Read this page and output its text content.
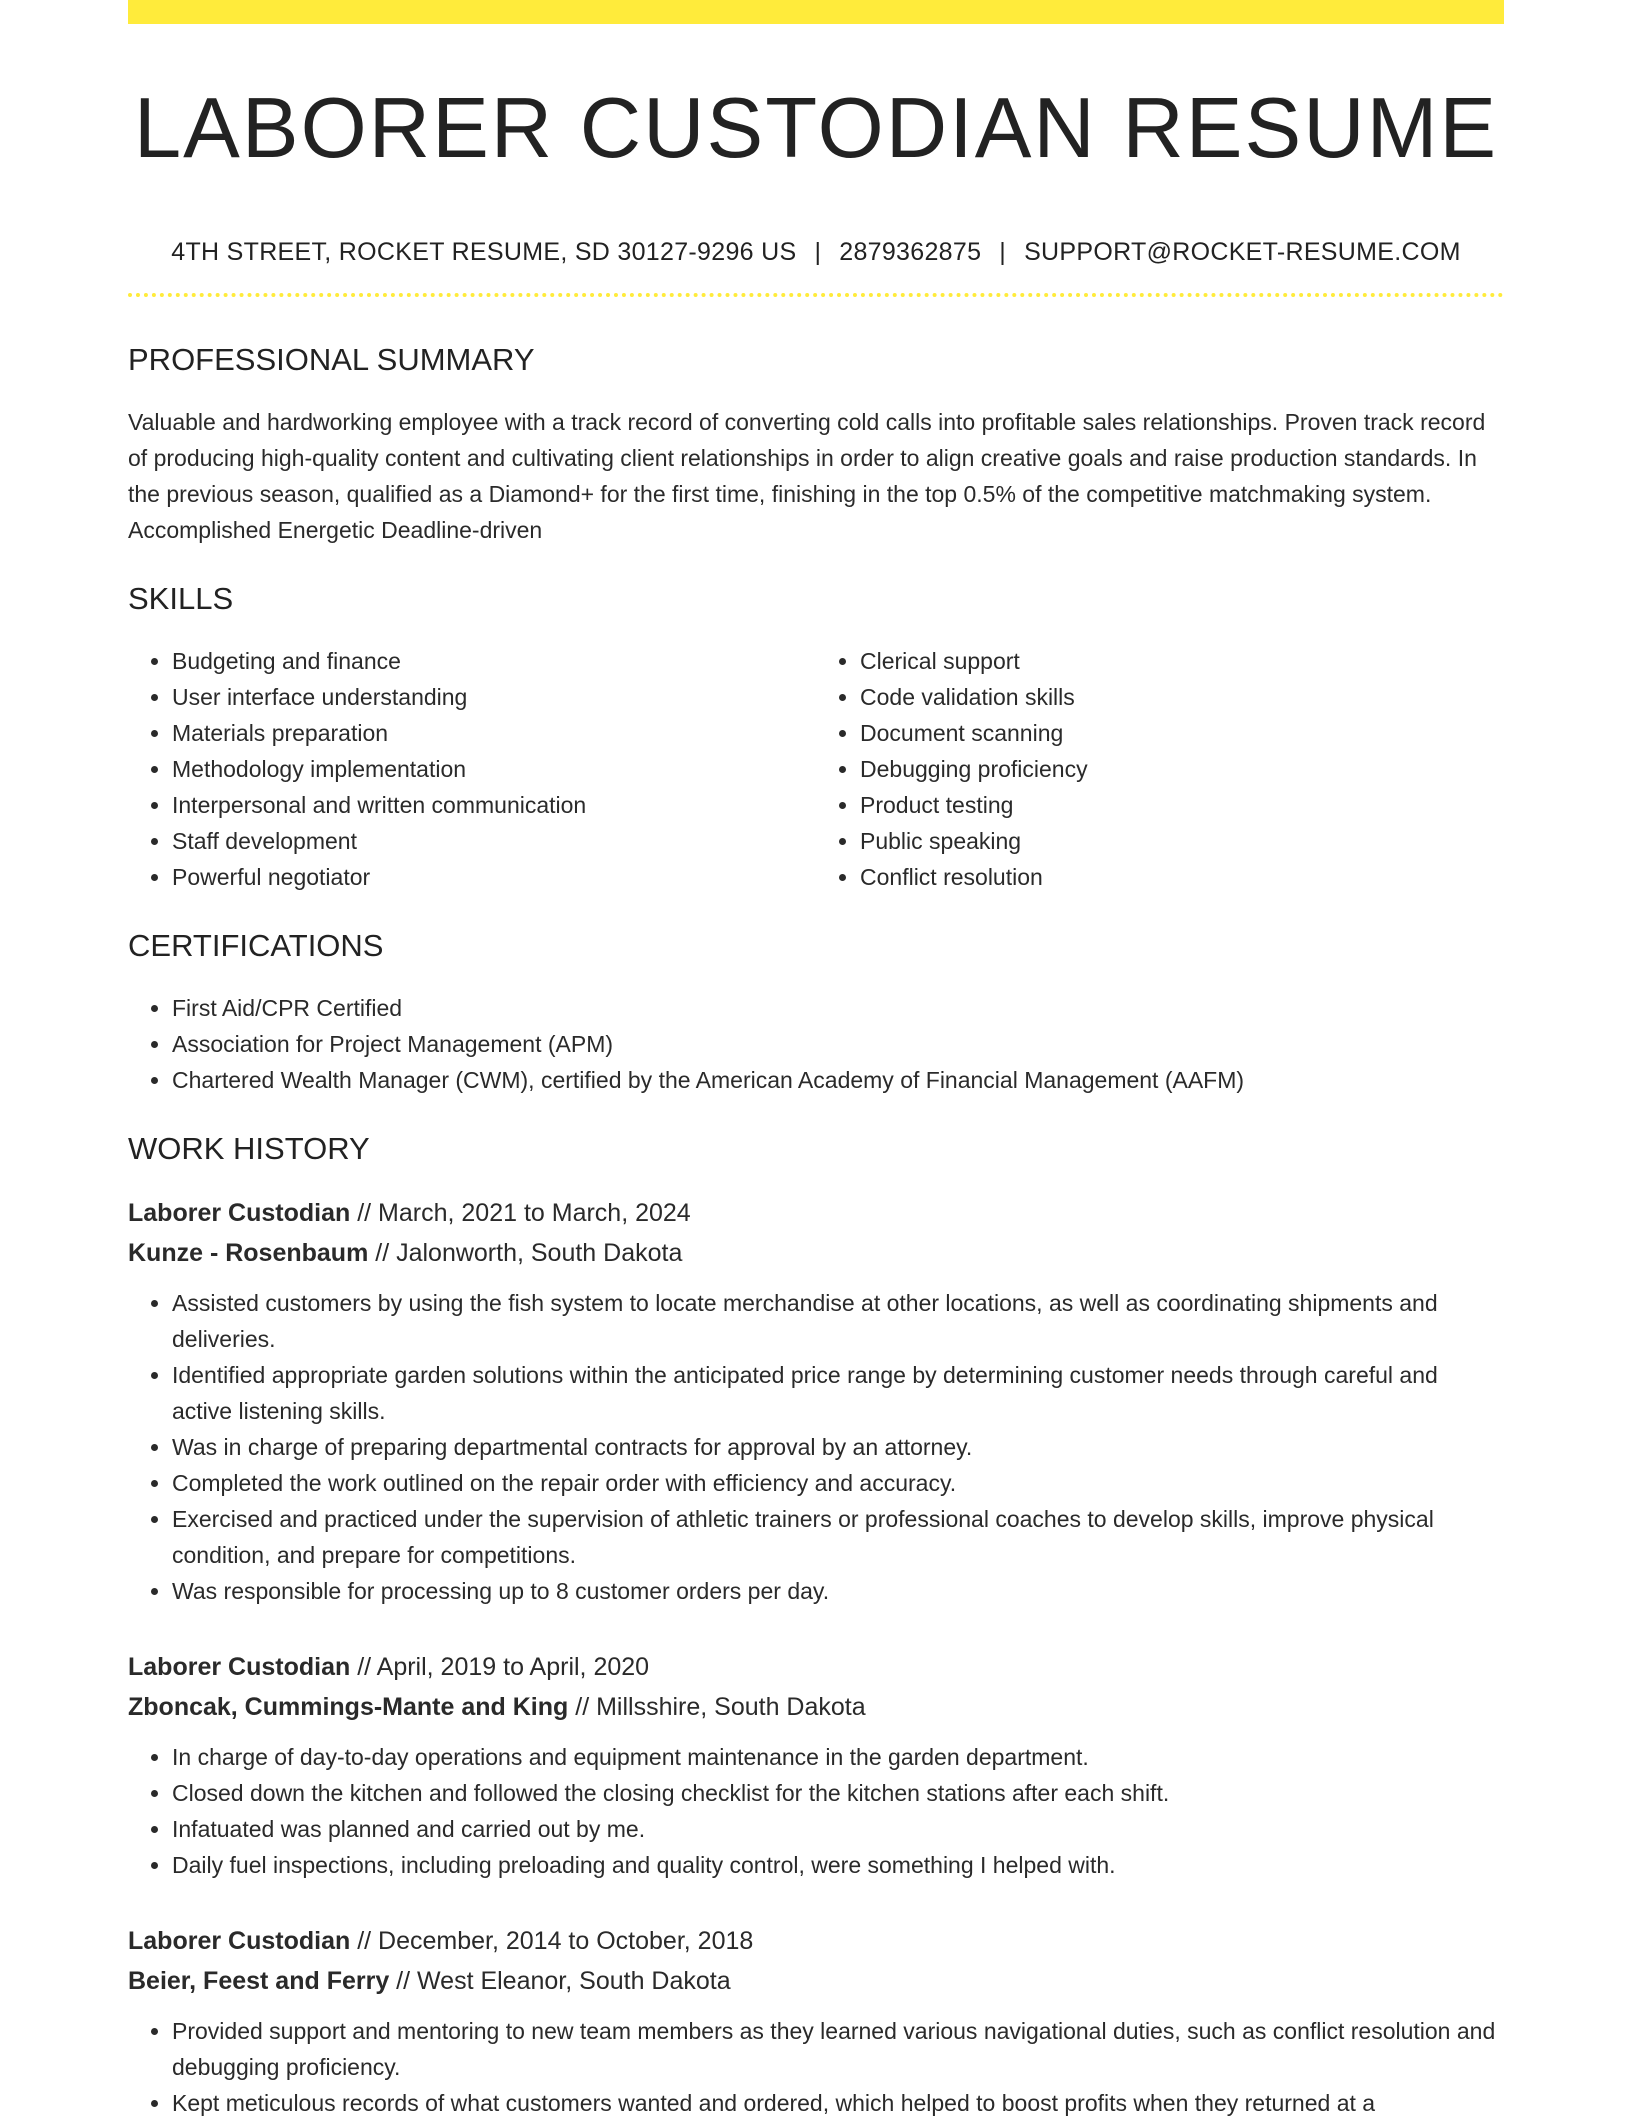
LABORER CUSTODIAN RESUME
4TH STREET, ROCKET RESUME, SD 30127-9296 US | 2879362875 | SUPPORT@ROCKET-RESUME.COM
PROFESSIONAL SUMMARY

Valuable and hardworking employee with a track record of converting cold calls into profitable sales relationships. Proven track record of producing high-quality content and cultivating client relationships in order to align creative goals and raise production standards. In the previous season, qualified as a Diamond+ for the first time, finishing in the top 0.5% of the competitive matchmaking system. Accomplished Energetic Deadline-driven

SKILLS
• Budgeting and finance
• User interface understanding
• Materials preparation
• Methodology implementation
• Interpersonal and written communication
• Staff development
• Powerful negotiator
• Clerical support
• Code validation skills
• Document scanning
• Debugging proficiency
• Product testing
• Public speaking
• Conflict resolution
CERTIFICATIONS
• First Aid/CPR Certified
• Association for Project Management (APM)
• Chartered Wealth Manager (CWM), certified by the American Academy of Financial Management (AAFM)
WORK HISTORY
Laborer Custodian // March, 2021 to March, 2024
Kunze - Rosenbaum // Jalonworth, South Dakota
• Assisted customers by using the fish system to locate merchandise at other locations, as well as coordinating shipments and deliveries.
• Identified appropriate garden solutions within the anticipated price range by determining customer needs through careful and active listening skills.
• Was in charge of preparing departmental contracts for approval by an attorney.
• Completed the work outlined on the repair order with efficiency and accuracy.
• Exercised and practiced under the supervision of athletic trainers or professional coaches to develop skills, improve physical condition, and prepare for competitions.
• Was responsible for processing up to 8 customer orders per day.
Laborer Custodian // April, 2019 to April, 2020
Zboncak, Cummings-Mante and King // Millsshire, South Dakota
• In charge of day-to-day operations and equipment maintenance in the garden department.
• Closed down the kitchen and followed the closing checklist for the kitchen stations after each shift.
• Infatuated was planned and carried out by me.
• Daily fuel inspections, including preloading and quality control, were something I helped with.
Laborer Custodian // December, 2014 to October, 2018
Beier, Feest and Ferry // West Eleanor, South Dakota
• Provided support and mentoring to new team members as they learned various navigational duties, such as conflict resolution and debugging proficiency.
• Kept meticulous records of what customers wanted and ordered, which helped to boost profits when they returned at a
